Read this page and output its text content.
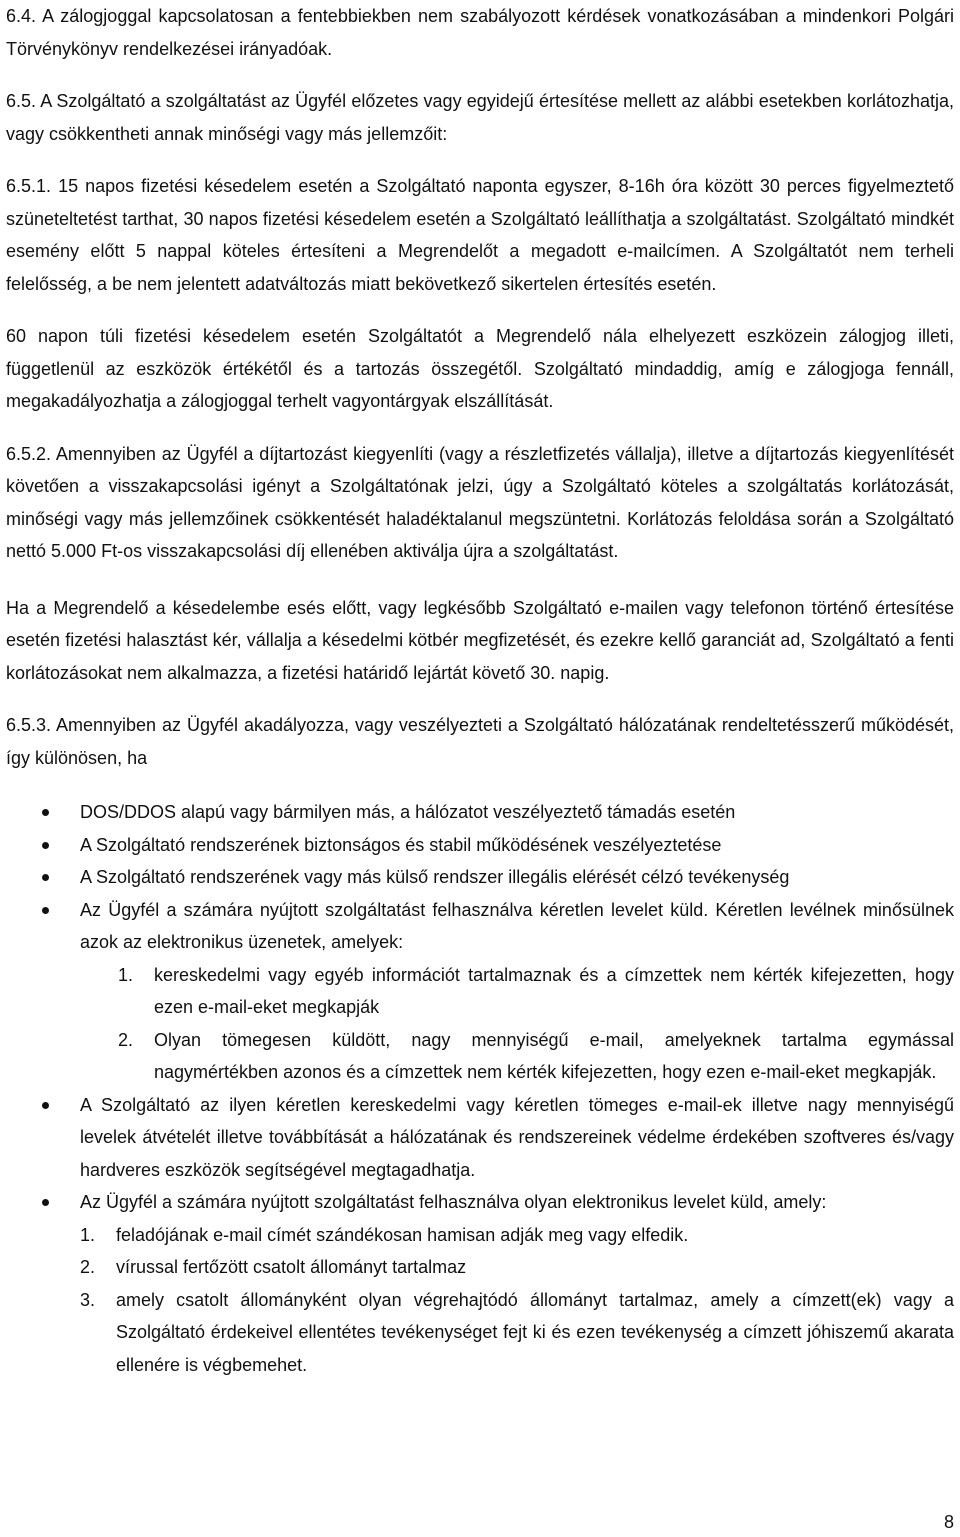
6.4. A zálogjoggal kapcsolatosan a fentebbiekben nem szabályozott kérdések vonatkozásában a mindenkori Polgári Törvénykönyv rendelkezései irányadóak.

6.5. A Szolgáltató a szolgáltatást az Ügyfél előzetes vagy egyidejű értesítése mellett az alábbi esetekben korlátozhatja, vagy csökkentheti annak minőségi vagy más jellemzőit:

6.5.1. 15 napos fizetési késedelem esetén a Szolgáltató naponta egyszer, 8-16h óra között 30 perces figyelmeztető szüneteltetést tarthat, 30 napos fizetési késedelem esetén a Szolgáltató leállíthatja a szolgáltatást. Szolgáltató mindkét esemény előtt 5 nappal köteles értesíteni a Megrendelőt a megadott e-mailcímen. A Szolgáltatót nem terheli felelősség, a be nem jelentett adatváltozás miatt bekövetkező sikertelen értesítés esetén.

60 napon túli fizetési késedelem esetén Szolgáltatót a Megrendelő nála elhelyezett eszközein zálogjog illeti, függetlenül az eszközök értékétől és a tartozás összegétől. Szolgáltató mindaddig, amíg e zálogjoga fennáll, megakadályozhatja a zálogjoggal terhelt vagyontárgyak elszállítását.

6.5.2. Amennyiben az Ügyfél a díjtartozást kiegyenlíti (vagy a részletfizetés vállalja), illetve a díjtartozás kiegyenlítését követően a visszakapcsolási igényt a Szolgáltatónak jelzi, úgy a Szolgáltató köteles a szolgáltatás korlátozását, minőségi vagy más jellemzőinek csökkentését haladéktalanul megszüntetni. Korlátozás feloldása során a Szolgáltató nettó 5.000 Ft-os visszakapcsolási díj ellenében aktiválja újra a szolgáltatást.

Ha a Megrendelő a késedelembe esés előtt, vagy legkésőbb Szolgáltató e-mailen vagy telefonon történő értesítése esetén fizetési halasztást kér, vállalja a késedelmi kötbér megfizetését, és ezekre kellő garanciát ad, Szolgáltató a fenti korlátozásokat nem alkalmazza, a fizetési határidő lejártát követő 30. napig.

6.5.3. Amennyiben az Ügyfél akadályozza, vagy veszélyezteti a Szolgáltató hálózatának rendeltetésszerű működését, így különösen, ha

DOS/DDOS alapú vagy bármilyen más, a hálózatot veszélyeztető támadás esetén
A Szolgáltató rendszerének biztonságos és stabil működésének veszélyeztetése
A Szolgáltató rendszerének vagy más külső rendszer illegális elérését célzó tevékenység
Az Ügyfél a számára nyújtott szolgáltatást felhasználva kéretlen levelet küld. Kéretlen levélnek minősülnek azok az elektronikus üzenetek, amelyek:
1. kereskedelmi vagy egyéb információt tartalmaznak és a címzettek nem kérték kifejezetten, hogy ezen e-mail-eket megkapják
2. Olyan tömegesen küldött, nagy mennyiségű e-mail, amelyeknek tartalma egymással nagymértékben azonos és a címzettek nem kérték kifejezetten, hogy ezen e-mail-eket megkapják.
A Szolgáltató az ilyen kéretlen kereskedelmi vagy kéretlen tömeges e-mail-ek illetve nagy mennyiségű levelek átvételét illetve továbbítását a hálózatának és rendszereinek védelme érdekében szoftveres és/vagy hardveres eszközök segítségével megtagadhatja.
Az Ügyfél a számára nyújtott szolgáltatást felhasználva olyan elektronikus levelet küld, amely:
1. feladójának e-mail címét szándékosan hamisan adják meg vagy elfedik.
2. vírussal fertőzött csatolt állományt tartalmaz
3. amely csatolt állományként olyan végrehajtódó állományt tartalmaz, amely a címzett(ek) vagy a Szolgáltató érdekeivel ellentétes tevékenységet fejt ki és ezen tevékenység a címzett jóhiszemű akarata ellenére is végbemehet.
8
